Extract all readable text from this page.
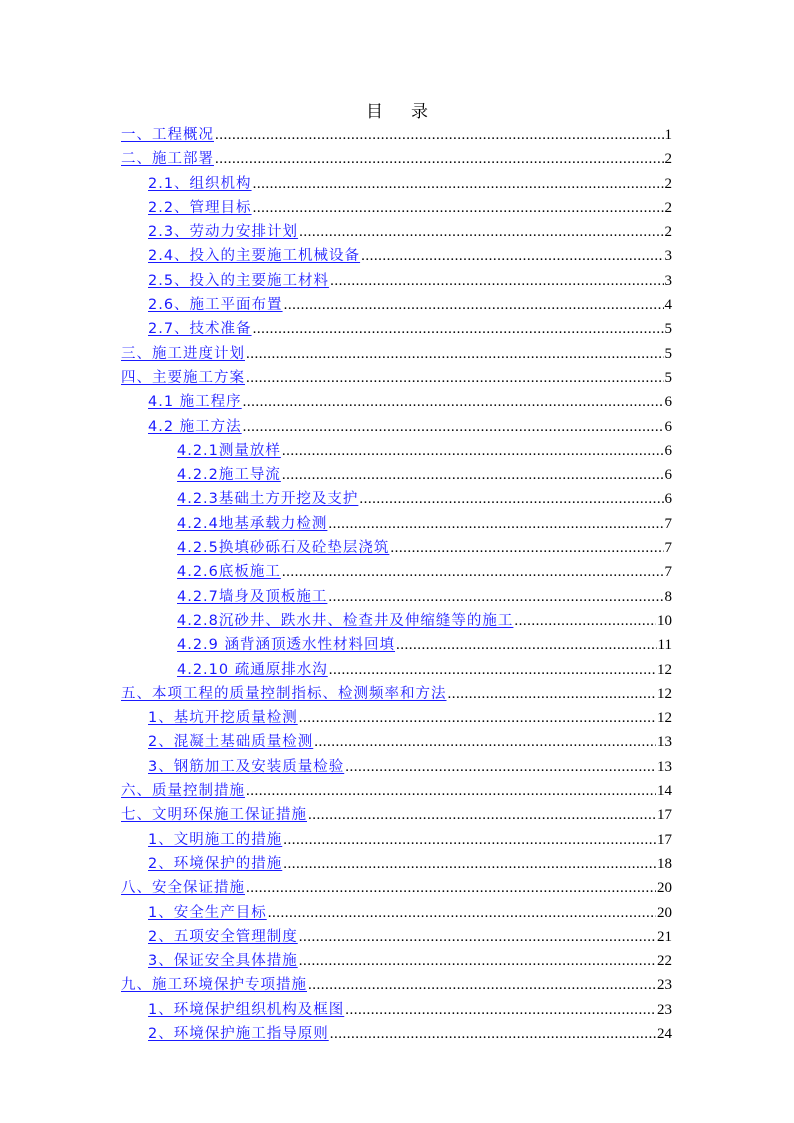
目录
一、工程概况 .....	1
二、施工部署 .....	2
2.1、组织机构 .....	2
2.2、管理目标 .....	2
2.3、劳动力安排计划 .....	2
2.4、投入的主要施工机械设备 .....	3
2.5、投入的主要施工材料 .....	3
2.6、施工平面布置 .....	4
2.7、技术准备 .....	5
三、施工进度计划 .....	5
四、主要施工方案 .....	5
4.1 施工程序 .....	6
4.2 施工方法 .....	6
4.2.1测量放样 .....	6
4.2.2施工导流 .....	6
4.2.3基础土方开挖及支护 .....	6
4.2.4地基承载力检测 .....	7
4.2.5换填砂砾石及砼垫层浇筑 .....	7
4.2.6底板施工 .....	7
4.2.7墙身及顶板施工 .....	8
4.2.8沉砂井、跌水井、检查井及伸缩缝等的施工 .....	10
4.2.9 涵背涵顶透水性材料回填 .....	11
4.2.10 疏通原排水沟 .....	12
五、本项工程的质量控制指标、检测频率和方法 .....	12
1、基坑开挖质量检测 .....	12
2、混凝土基础质量检测 .....	13
3、钢筋加工及安装质量检验 .....	13
六、质量控制措施 .....	14
七、文明环保施工保证措施 .....	17
1、文明施工的措施 .....	17
2、环境保护的措施 .....	18
八、安全保证措施 .....	20
1、安全生产目标 .....	20
2、五项安全管理制度 .....	21
3、保证安全具体措施 .....	22
九、施工环境保护专项措施 .....	23
1、环境保护组织机构及框图 .....	23
2、环境保护施工指导原则 .....	24
